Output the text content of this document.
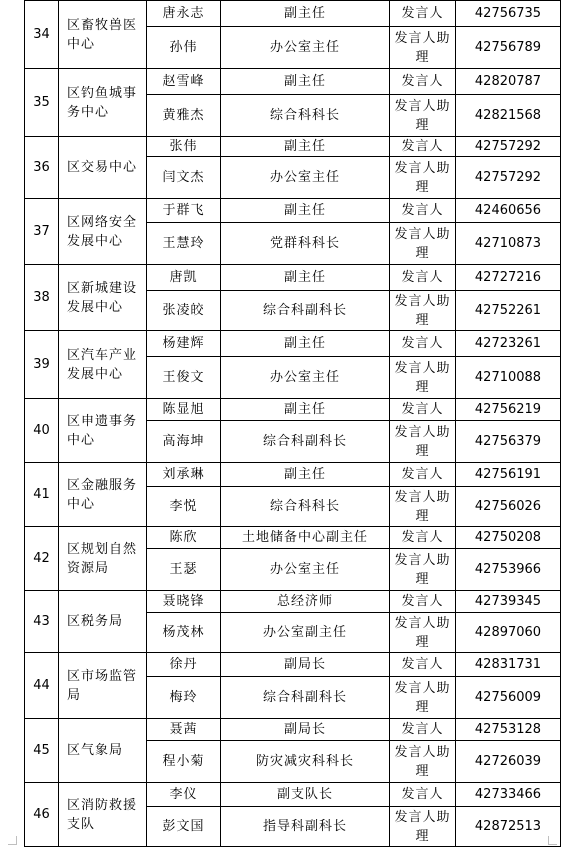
34	区畜牧兽医中心	唐永志	副主任	发言人	42756735
		孙伟	办公室主任	发言人助理	42756789
35	区钓鱼城事务中心	赵雪峰	副主任	发言人	42820787
		黄雅杰	综合科科长	发言人助理	42821568
36	区交易中心	张伟	副主任	发言人	42757292
		闫文杰	办公室主任	发言人助理	42757292
37	区网络安全发展中心	于群飞	副主任	发言人	42460656
		王慧玲	党群科科长	发言人助理	42710873
38	区新城建设发展中心	唐凯	副主任	发言人	42727216
		张凌皎	综合科副科长	发言人助理	42752261
39	区汽车产业发展中心	杨建辉	副主任	发言人	42723261
		王俊文	办公室主任	发言人助理	42710088
40	区申遗事务中心	陈显旭	副主任	发言人	42756219
		高海坤	综合科副科长	发言人助理	42756379
41	区金融服务中心	刘承琳	副主任	发言人	42756191
		李悦	综合科科长	发言人助理	42756026
42	区规划自然资源局	陈欣	土地储备中心副主任	发言人	42750208
		王瑟	办公室主任	发言人助理	42753966
43	区税务局	聂晓锋	总经济师	发言人	42739345
		杨茂林	办公室副主任	发言人助理	42897060
44	区市场监管局	徐丹	副局长	发言人	42831731
		梅玲	综合科副科长	发言人助理	42756009
45	区气象局	聂茜	副局长	发言人	42753128
		程小菊	防灾减灾科科长	发言人助理	42726039
46	区消防救援支队	李仪	副支队长	发言人	42733466
		彭文国	指导科副科长	发言人助理	42872513
